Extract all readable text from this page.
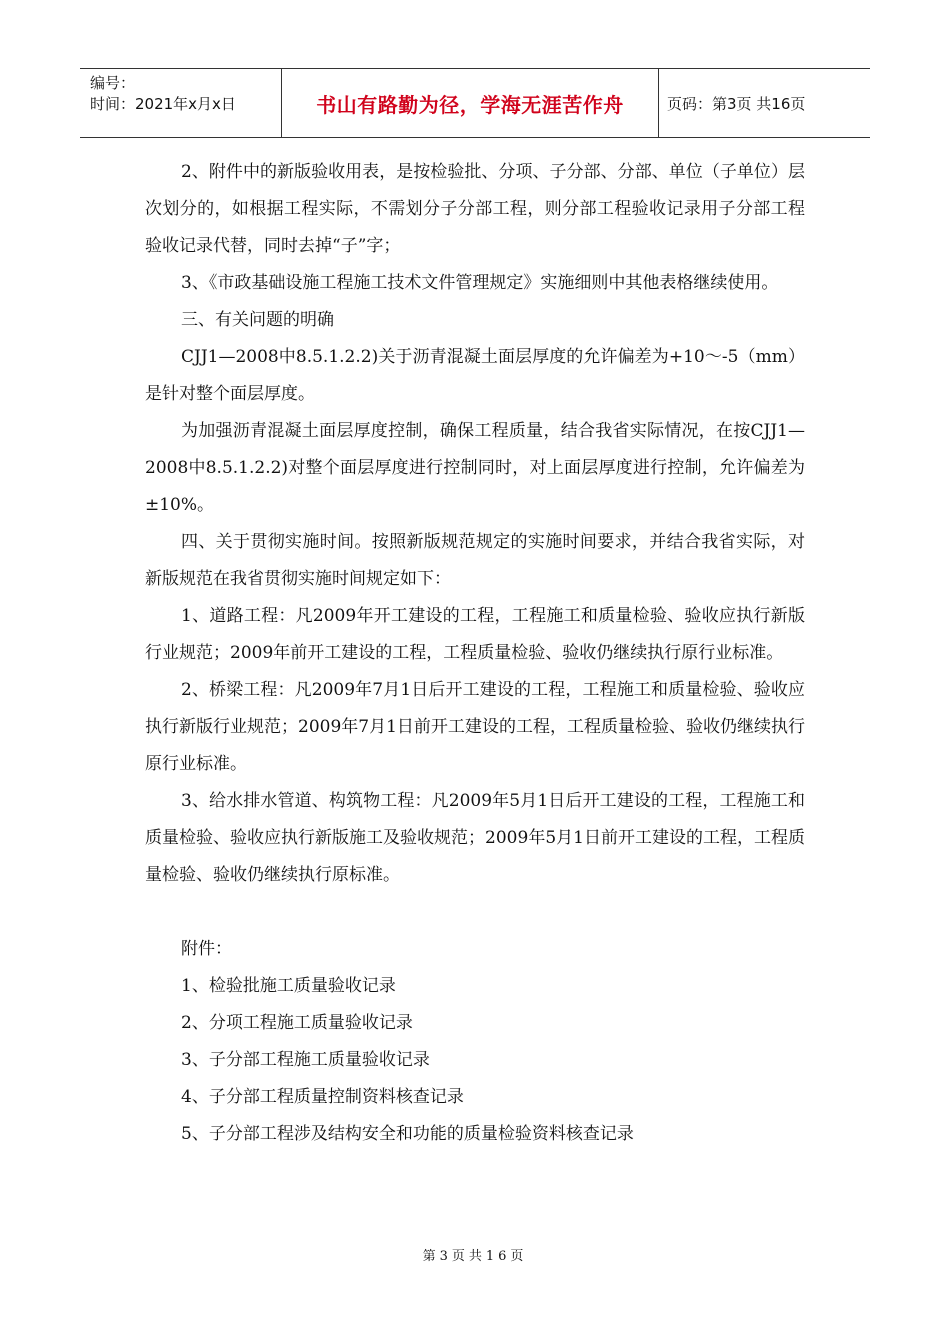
编号：
时间：2021年x月x日	书山有路勤为径，学海无涯苦作舟	页码：第3页 共16页

2、附件中的新版验收用表，是按检验批、分项、子分部、分部、单位（子单位）层次划分的，如根据工程实际，不需划分子分部工程，则分部工程验收记录用子分部工程验收记录代替，同时去掉“子”字；

3、《市政基础设施工程施工技术文件管理规定》实施细则中其他表格继续使用。

三、有关问题的明确

CJJ1—2008中8.5.1.2.2)关于沥青混凝土面层厚度的允许偏差为+10～-5（mm）是针对整个面层厚度。

为加强沥青混凝土面层厚度控制，确保工程质量，结合我省实际情况，在按CJJ1—2008中8.5.1.2.2)对整个面层厚度进行控制同时，对上面层厚度进行控制，允许偏差为±10%。

四、关于贯彻实施时间。按照新版规范规定的实施时间要求，并结合我省实际，对新版规范在我省贯彻实施时间规定如下：

1、道路工程：凡2009年开工建设的工程，工程施工和质量检验、验收应执行新版行业规范；2009年前开工建设的工程，工程质量检验、验收仍继续执行原行业标准。

2、桥梁工程：凡2009年7月1日后开工建设的工程，工程施工和质量检验、验收应执行新版行业规范；2009年7月1日前开工建设的工程，工程质量检验、验收仍继续执行原行业标准。

3、给水排水管道、构筑物工程：凡2009年5月1日后开工建设的工程，工程施工和质量检验、验收应执行新版施工及验收规范；2009年5月1日前开工建设的工程，工程质量检验、验收仍继续执行原标准。

附件：

1、检验批施工质量验收记录

2、分项工程施工质量验收记录

3、子分部工程施工质量验收记录

4、子分部工程质量控制资料核查记录

5、子分部工程涉及结构安全和功能的质量检验资料核查记录

第3页共16页
